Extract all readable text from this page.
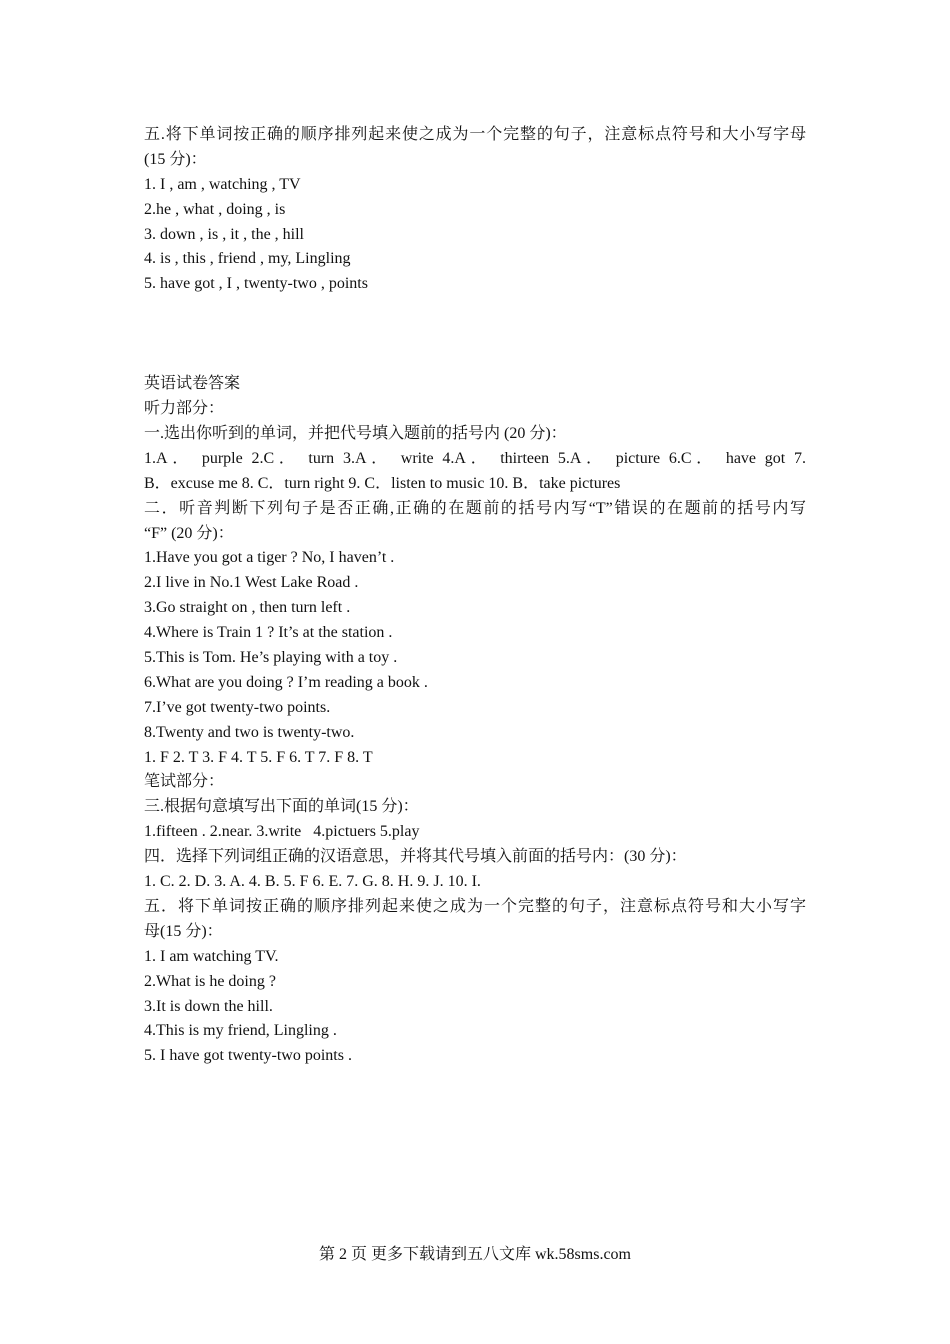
五.将下单词按正确的顺序排列起来使之成为一个完整的句子，注意标点符号和大小写字母
(15 分)：
1. I , am , watching , TV
2.he , what , doing , is
3. down , is , it , the , hill
4. is , this , friend , my, Lingling
5. have got , I , twenty-two , points
英语试卷答案
听力部分：
一.选出你听到的单词，并把代号填入题前的括号内 (20 分)：
1.A． purple 2.C． turn 3.A． write 4.A． thirteen 5.A． picture 6.C． have got 7.
B．excuse me 8. C．turn right 9. C．listen to music 10. B．take pictures
二．听音判断下列句子是否正确,正确的在题前的括号内写“T”错误的在题前的括号内写
“F” (20 分)：
1.Have you got a tiger ? No, I haven’t .
2.I live in No.1 West Lake Road .
3.Go straight on , then turn left .
4.Where is Train 1 ? It’s at the station .
5.This is Tom. He’s playing with a toy .
6.What are you doing ? I’m reading a book .
7.I’ve got twenty-two points.
8.Twenty and two is twenty-two.
1. F 2. T 3. F 4. T 5. F 6. T 7. F 8. T
笔试部分：
三.根据句意填写出下面的单词(15 分)：
1.fifteen . 2.near. 3.write   4.pictuers 5.play
四．选择下列词组正确的汉语意思，并将其代号填入前面的括号内：(30 分)：
1. C. 2. D. 3. A. 4. B. 5. F 6. E. 7. G. 8. H. 9. J. 10. I.
五．将下单词按正确的顺序排列起来使之成为一个完整的句子，注意标点符号和大小写字
母(15 分)：
1. I am watching TV.
2.What is he doing ?
3.It is down the hill.
4.This is my friend, Lingling .
5. I have got twenty-two points .
第 2 页 更多下载请到五八文库 wk.58sms.com
